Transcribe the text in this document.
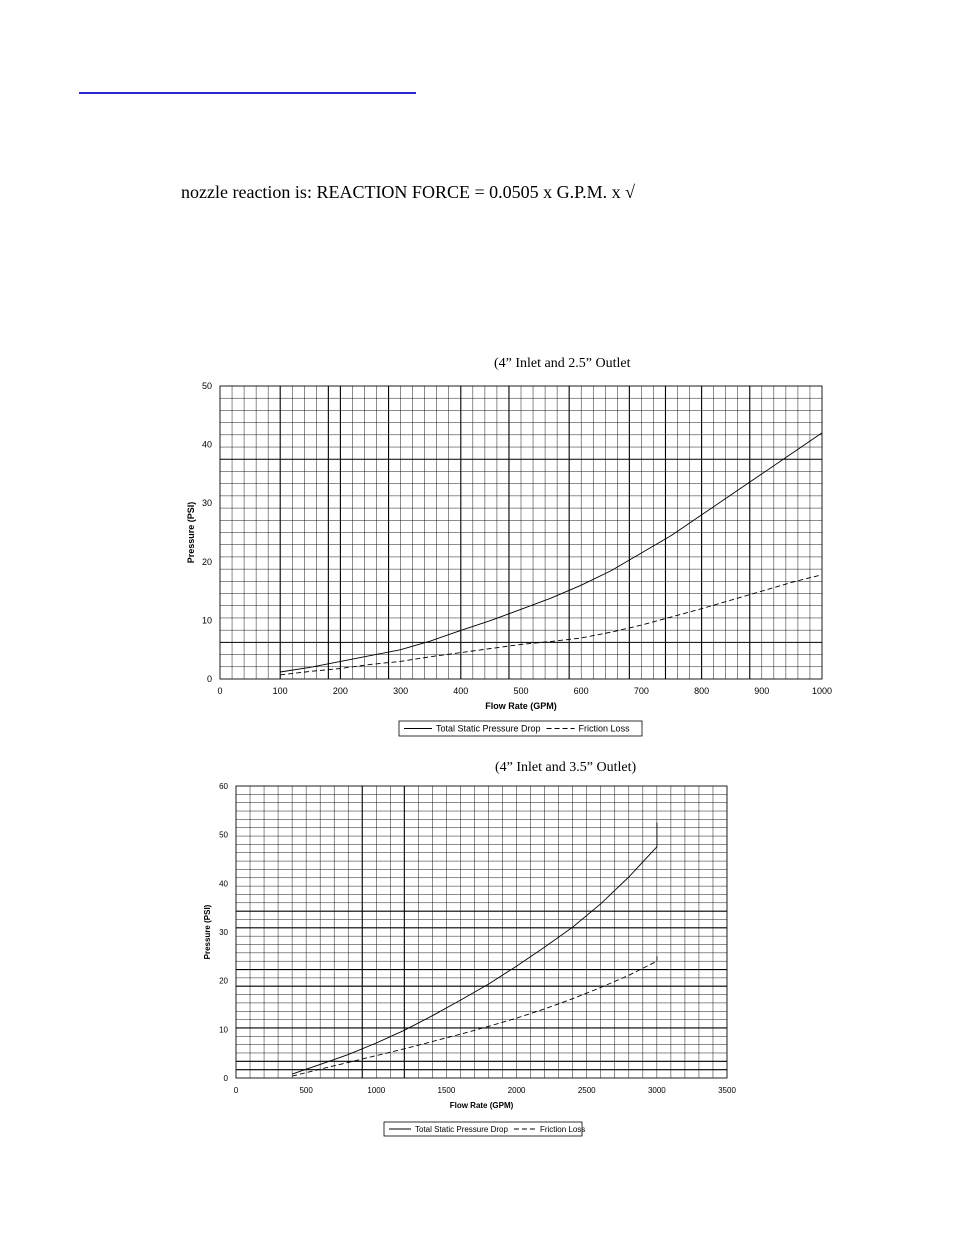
nozzle reaction is: REACTION FORCE = 0.0505 x G.P.M. x √
(4” Inlet and 2.5” Outlet
(4” Inlet and 3.5” Outlet)
0	100	200	300	400	500	600	700	800	900	1000
0
10
20
30
40
50
Flow Rate (GPM)
Pressure (PSI)
Total Static Pressure Drop	Friction Loss
0	500	1000	1500	2000	2500	3000	3500
0
10
20
30
40
50
60
Flow Rate (GPM)
Pressure (PSI)
Total Static Pressure Drop	Friction Loss
